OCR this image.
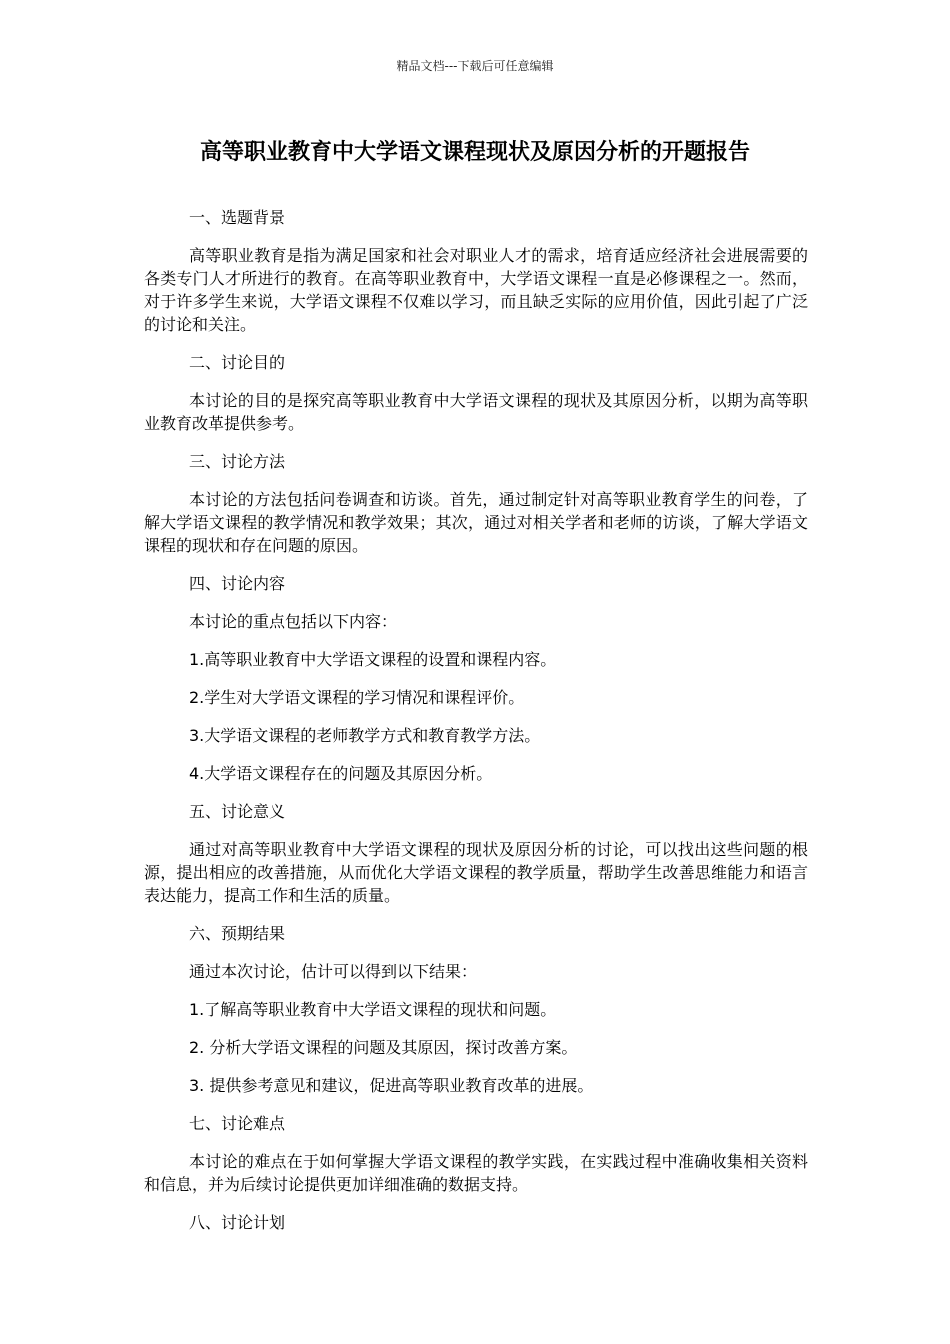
精品文档---下载后可任意编辑
高等职业教育中大学语文课程现状及原因分析的开题报告

一、选题背景

高等职业教育是指为满足国家和社会对职业人才的需求，培育适应经济社会进展需要的各类专门人才所进行的教育。在高等职业教育中，大学语文课程一直是必修课程之一。然而，对于许多学生来说，大学语文课程不仅难以学习，而且缺乏实际的应用价值，因此引起了广泛的讨论和关注。

二、讨论目的

本讨论的目的是探究高等职业教育中大学语文课程的现状及其原因分析，以期为高等职业教育改革提供参考。

三、讨论方法

本讨论的方法包括问卷调查和访谈。首先，通过制定针对高等职业教育学生的问卷，了解大学语文课程的教学情况和教学效果；其次，通过对相关学者和老师的访谈，了解大学语文课程的现状和存在问题的原因。

四、讨论内容

本讨论的重点包括以下内容：

1.高等职业教育中大学语文课程的设置和课程内容。

2.学生对大学语文课程的学习情况和课程评价。

3.大学语文课程的老师教学方式和教育教学方法。

4.大学语文课程存在的问题及其原因分析。

五、讨论意义

通过对高等职业教育中大学语文课程的现状及原因分析的讨论，可以找出这些问题的根源，提出相应的改善措施，从而优化大学语文课程的教学质量，帮助学生改善思维能力和语言表达能力，提高工作和生活的质量。

六、预期结果

通过本次讨论，估计可以得到以下结果：

1.了解高等职业教育中大学语文课程的现状和问题。

2. 分析大学语文课程的问题及其原因，探讨改善方案。

3. 提供参考意见和建议，促进高等职业教育改革的进展。

七、讨论难点

本讨论的难点在于如何掌握大学语文课程的教学实践，在实践过程中准确收集相关资料和信息，并为后续讨论提供更加详细准确的数据支持。

八、讨论计划
